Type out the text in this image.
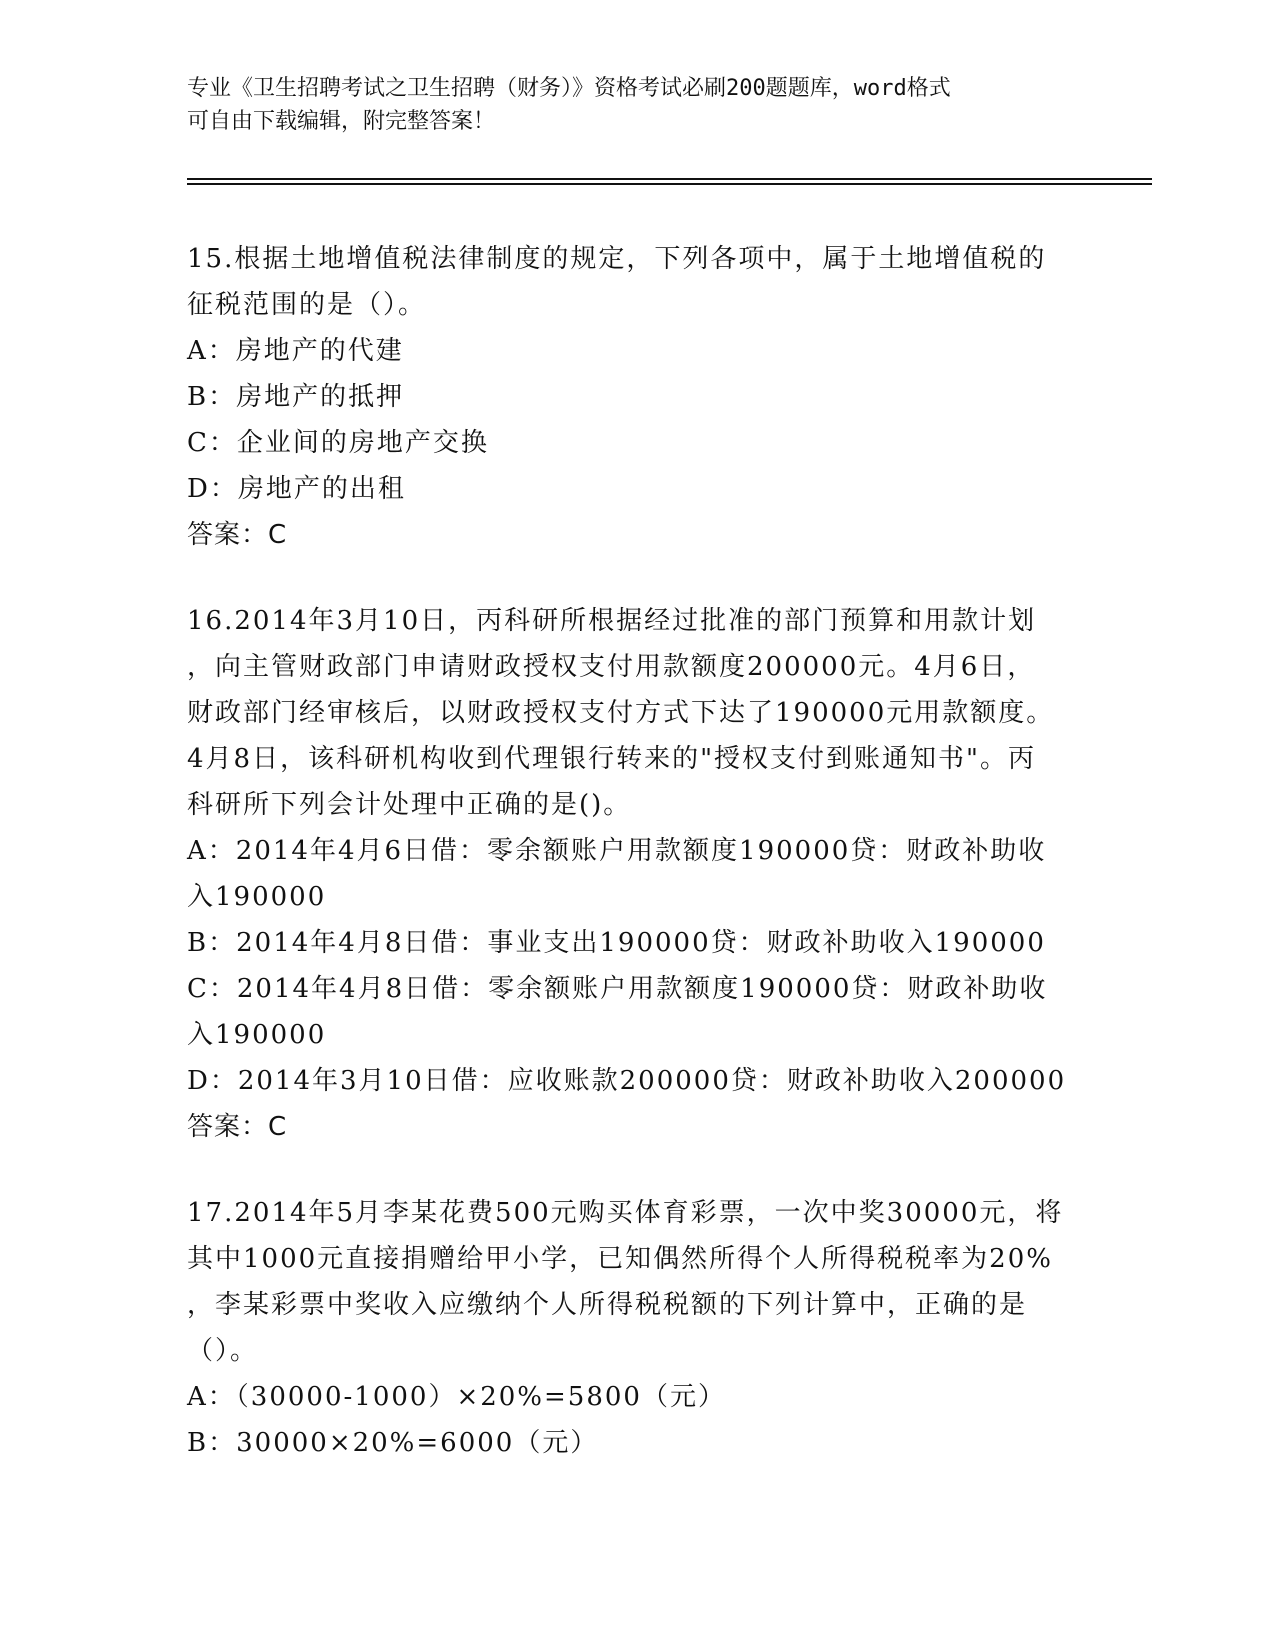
专业《卫生招聘考试之卫生招聘（财务）》资格考试必刷200题题库，word格式
可自由下载编辑，附完整答案！
15.根据土地增值税法律制度的规定，下列各项中，属于土地增值税的
征税范围的是（）。
A：房地产的代建
B：房地产的抵押
C：企业间的房地产交换
D：房地产的出租
答案：C
16.2014年3月10日，丙科研所根据经过批准的部门预算和用款计划
，向主管财政部门申请财政授权支付用款额度200000元。4月6日，
财政部门经审核后，以财政授权支付方式下达了190000元用款额度。
4月8日，该科研机构收到代理银行转来的"授权支付到账通知书"。丙
科研所下列会计处理中正确的是()。
A：2014年4月6日借：零余额账户用款额度190000贷：财政补助收
入190000
B：2014年4月8日借：事业支出190000贷：财政补助收入190000
C：2014年4月8日借：零余额账户用款额度190000贷：财政补助收
入190000
D：2014年3月10日借：应收账款200000贷：财政补助收入200000
答案：C
17.2014年5月李某花费500元购买体育彩票，一次中奖30000元，将
其中1000元直接捐赠给甲小学，已知偶然所得个人所得税税率为20%
，李某彩票中奖收入应缴纳个人所得税税额的下列计算中，正确的是
（）。
A：（30000-1000）×20%=5800（元）
B：30000×20%=6000（元）
